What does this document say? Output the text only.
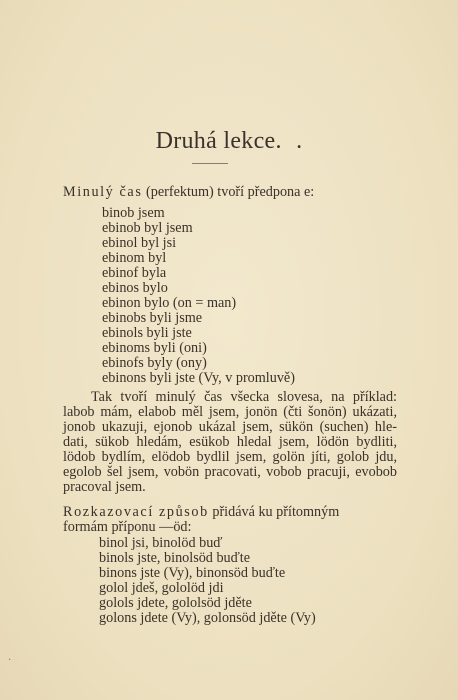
Druhá lekce. .
Minulý čas (perfektum) tvoří předpona e:
binob jsem
ebinob byl jsem
ebinol byl jsi
ebinom byl
ebinof byla
ebinos bylo
ebinon bylo (on = man)
ebinobs byli jsme
ebinols byli jste
ebinoms byli (oni)
ebinofs byly (ony)
ebinons byli jste (Vy, v promluvě)
Tak tvoří minulý čas všecka slovesa, na příklad:
labob mám, elabob měl jsem, jonön (čti šonön) ukázati,
jonob ukazuji, ejonob ukázal jsem, sükön (suchen) hle-
dati, sükob hledám, esükob hledal jsem, lödön bydliti,
lödob bydlím, elödob bydlil jsem, golön jíti, golob jdu,
egolob šel jsem, vobön pracovati, vobob pracuji, evobob
pracoval jsem.
Rozkazovací způsob přidává ku přítomným
formám příponu —öd:
binol jsi, binolöd buď
binols jste, binolsöd buďte
binons jste (Vy), binonsöd buďte
golol jdeš, gololöd jdi
golols jdete, gololsöd jděte
golons jdete (Vy), golonsöd jděte (Vy)
·
